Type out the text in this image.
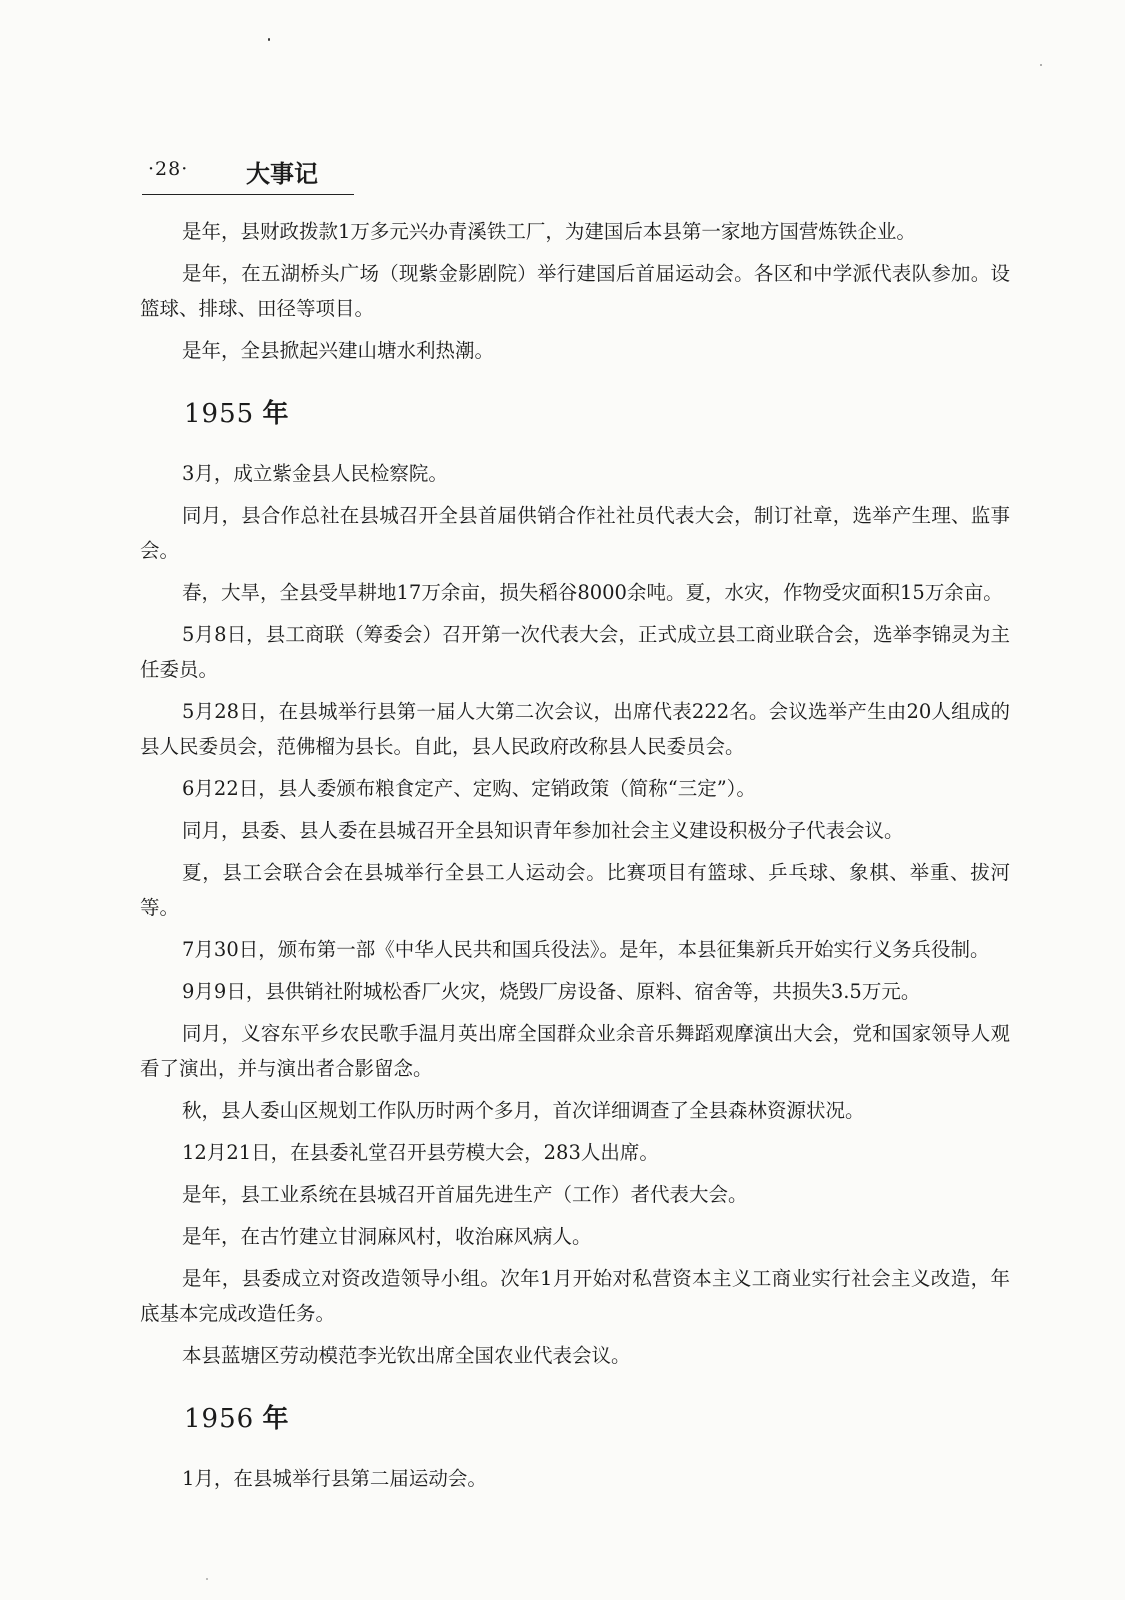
·28· 大事记

是年，县财政拨款1万多元兴办青溪铁工厂，为建国后本县第一家地方国营炼铁企业。

是年，在五湖桥头广场（现紫金影剧院）举行建国后首届运动会。各区和中学派代表队参加。设篮球、排球、田径等项目。

是年，全县掀起兴建山塘水利热潮。

1955 年

3月，成立紫金县人民检察院。

同月，县合作总社在县城召开全县首届供销合作社社员代表大会，制订社章，选举产生理、监事会。

春，大旱，全县受旱耕地17万余亩，损失稻谷8000余吨。夏，水灾，作物受灾面积15万余亩。

5月8日，县工商联（筹委会）召开第一次代表大会，正式成立县工商业联合会，选举李锦灵为主任委员。

5月28日，在县城举行县第一届人大第二次会议，出席代表222名。会议选举产生由20人组成的县人民委员会，范佛榴为县长。自此，县人民政府改称县人民委员会。

6月22日，县人委颁布粮食定产、定购、定销政策（简称“三定”）。

同月，县委、县人委在县城召开全县知识青年参加社会主义建设积极分子代表会议。

夏，县工会联合会在县城举行全县工人运动会。比赛项目有篮球、乒乓球、象棋、举重、拔河等。

7月30日，颁布第一部《中华人民共和国兵役法》。是年，本县征集新兵开始实行义务兵役制。

9月9日，县供销社附城松香厂火灾，烧毁厂房设备、原料、宿舍等，共损失3.5万元。

同月，义容东平乡农民歌手温月英出席全国群众业余音乐舞蹈观摩演出大会，党和国家领导人观看了演出，并与演出者合影留念。

秋，县人委山区规划工作队历时两个多月，首次详细调查了全县森林资源状况。

12月21日，在县委礼堂召开县劳模大会，283人出席。

是年，县工业系统在县城召开首届先进生产（工作）者代表大会。

是年，在古竹建立甘洞麻风村，收治麻风病人。

是年，县委成立对资改造领导小组。次年1月开始对私营资本主义工商业实行社会主义改造，年底基本完成改造任务。

本县蓝塘区劳动模范李光钦出席全国农业代表会议。

1956 年

1月，在县城举行县第二届运动会。
